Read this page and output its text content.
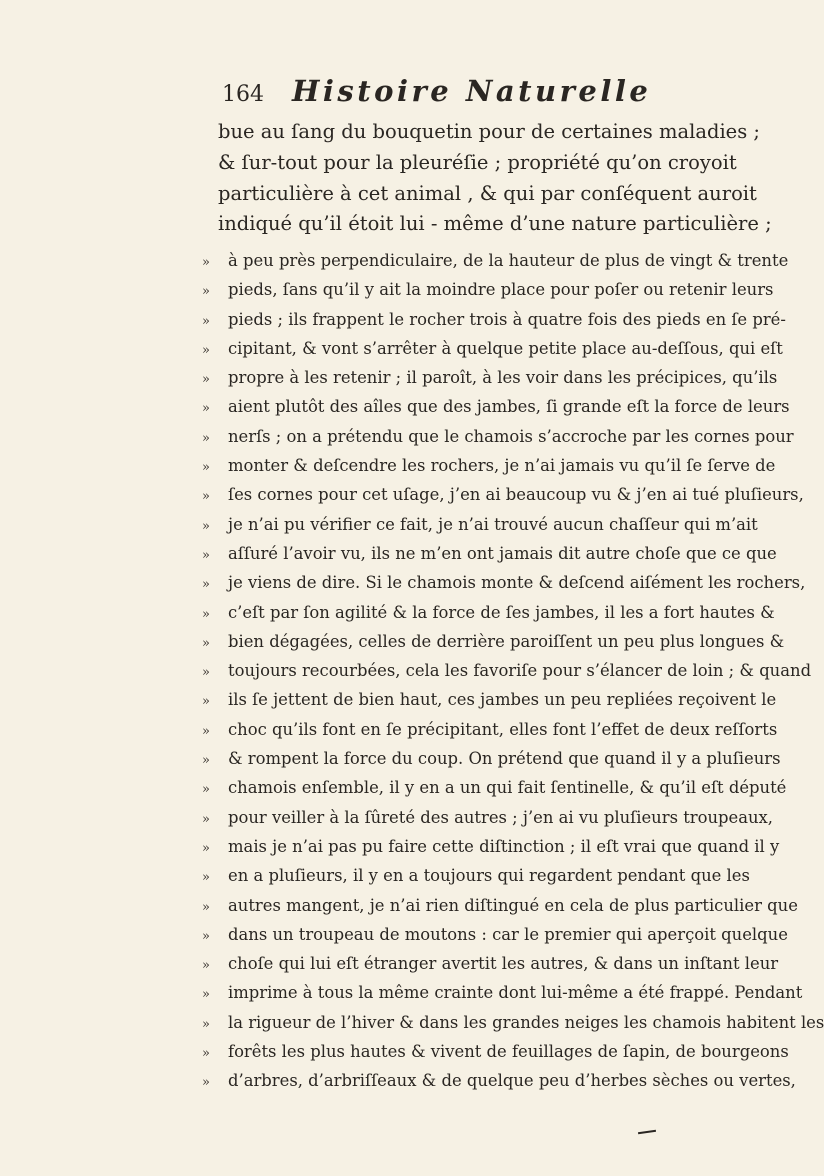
164 Histoire Naturelle
bue au ſang du bouquetin pour de certaines maladies ;
& ſur-tout pour la pleuréſie ; propriété qu’on croyoit
particulière à cet animal , & qui par conſéquent auroit
indiqué qu’il étoit lui - même d’une nature particulière ;
»	à peu près perpendiculaire, de la hauteur de plus de vingt & trente
»	pieds, ſans qu’il y ait la moindre place pour poſer ou retenir leurs
»	pieds ; ils frappent le rocher trois à quatre fois des pieds en ſe pré-
»	cipitant, & vont s’arrêter à quelque petite place au-deſſous, qui eſt
»	propre à les retenir ; il paroît, à les voir dans les précipices, qu’ils
»	aient plutôt des aîles que des jambes, ſi grande eſt la force de leurs
»	nerſs ; on a prétendu que le chamois s’accroche par les cornes pour
»	monter & deſcendre les rochers, je n’ai jamais vu qu’il ſe ſerve de
»	ſes cornes pour cet uſage, j’en ai beaucoup vu & j’en ai tué pluſieurs,
»	je n’ai pu vérifier ce fait, je n’ai trouvé aucun chaſſeur qui m’ait
»	aſſuré l’avoir vu, ils ne m’en ont jamais dit autre choſe que ce que
»	je viens de dire. Si le chamois monte & deſcend aiſément les rochers,
»	c’eſt par ſon agilité & la force de ſes jambes, il les a fort hautes &
»	bien dégagées, celles de derrière paroiſſent un peu plus longues &
»	toujours recourbées, cela les favoriſe pour s’élancer de loin ; & quand
»	ils ſe jettent de bien haut, ces jambes un peu repliées reçoivent le
»	choc qu’ils font en ſe précipitant, elles font l’effet de deux reſſorts
»	& rompent la force du coup. On prétend que quand il y a pluſieurs
»	chamois enſemble, il y en a un qui fait ſentinelle, & qu’il eſt député
»	pour veiller à la ſûreté des autres ; j’en ai vu pluſieurs troupeaux,
»	mais je n’ai pas pu faire cette diſtinction ; il eſt vrai que quand il y
»	en a pluſieurs, il y en a toujours qui regardent pendant que les
»	autres mangent, je n’ai rien diſtingué en cela de plus particulier que
»	dans un troupeau de moutons : car le premier qui aperçoit quelque
»	choſe qui lui eſt étranger avertit les autres, & dans un inſtant leur
»	imprime à tous la même crainte dont lui-même a été frappé. Pendant
»	la rigueur de l’hiver & dans les grandes neiges les chamois habitent les
»	forêts les plus hautes & vivent de feuillages de ſapin, de bourgeons
»	d’arbres, d’arbriſſeaux & de quelque peu d’herbes sèches ou vertes,
